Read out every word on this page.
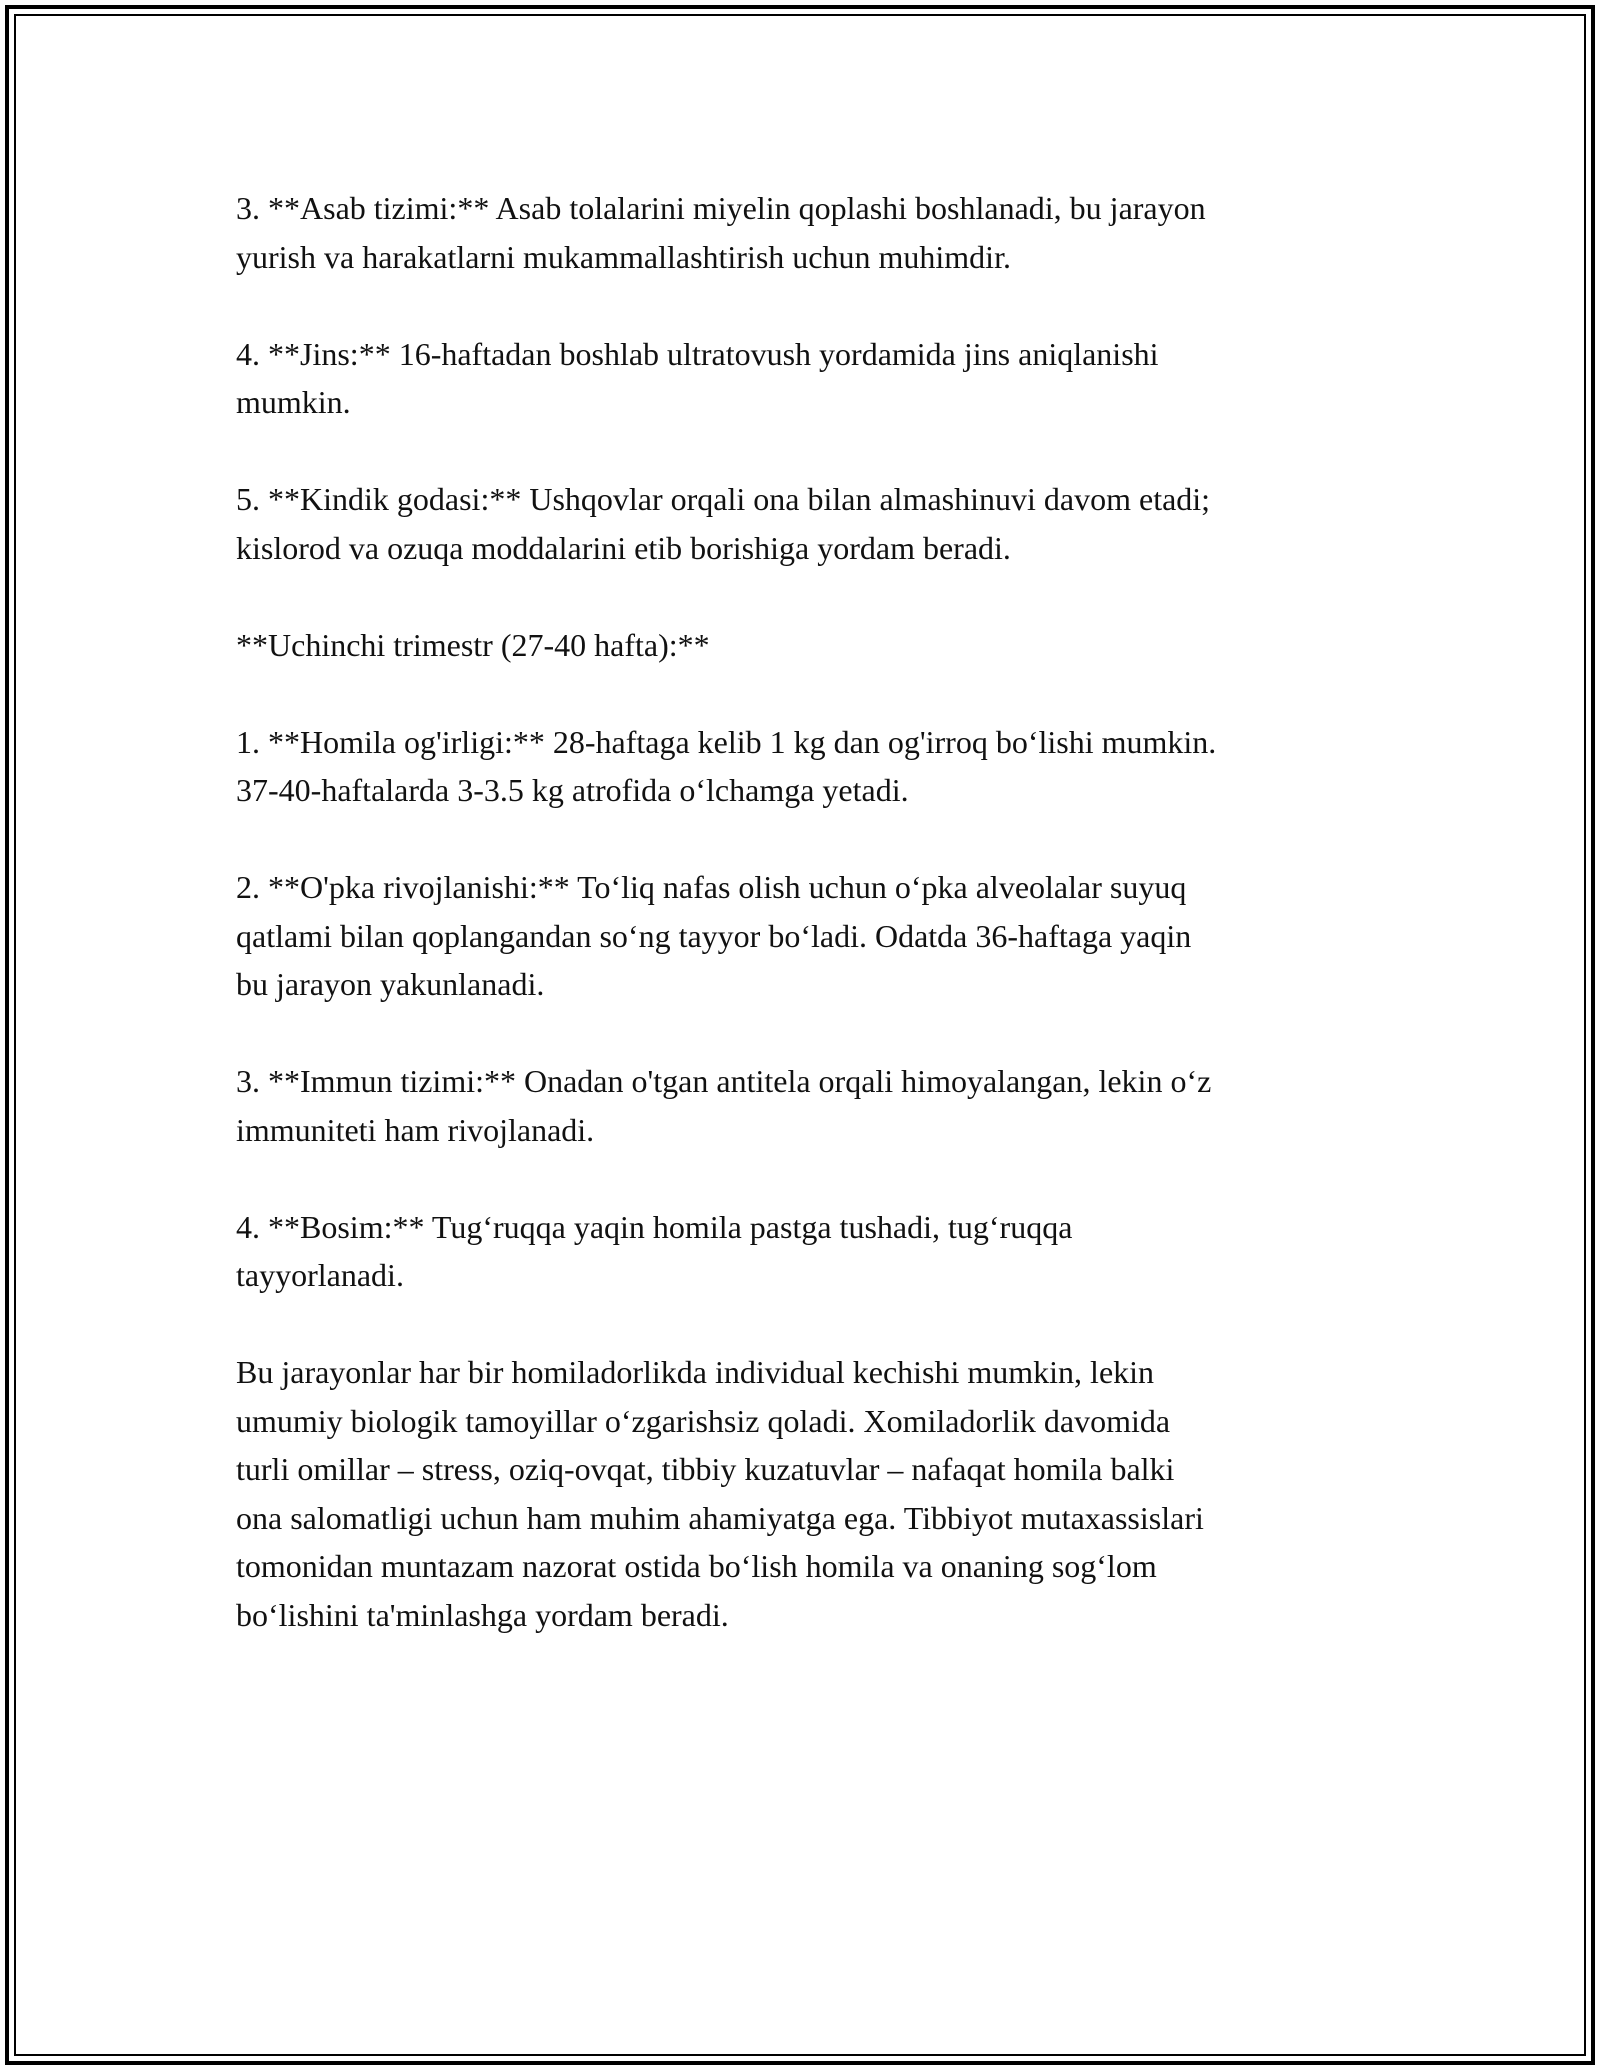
3. **Asab tizimi:** Asab tolalarini miyelin qoplashi boshlanadi, bu jarayon
yurish va harakatlarni mukammallashtirish uchun muhimdir.

4. **Jins:** 16-haftadan boshlab ultratovush yordamida jins aniqlanishi
mumkin.

5. **Kindik godasi:** Ushqovlar orqali ona bilan almashinuvi davom etadi;
kislorod va ozuqa moddalarini etib borishiga yordam beradi.

**Uchinchi trimestr (27-40 hafta):**

1. **Homila og'irligi:** 28-haftaga kelib 1 kg dan og'irroq bo‘lishi mumkin.
37-40-haftalarda 3-3.5 kg atrofida o‘lchamga yetadi.

2. **O'pka rivojlanishi:** To‘liq nafas olish uchun o‘pka alveolalar suyuq
qatlami bilan qoplangandan so‘ng tayyor bo‘ladi. Odatda 36-haftaga yaqin
bu jarayon yakunlanadi.

3. **Immun tizimi:** Onadan o'tgan antitela orqali himoyalangan, lekin o‘z
immuniteti ham rivojlanadi.

4. **Bosim:** Tug‘ruqqa yaqin homila pastga tushadi, tug‘ruqqa
tayyorlanadi.

Bu jarayonlar har bir homiladorlikda individual kechishi mumkin, lekin
umumiy biologik tamoyillar o‘zgarishsiz qoladi. Xomiladorlik davomida
turli omillar – stress, oziq-ovqat, tibbiy kuzatuvlar – nafaqat homila balki
ona salomatligi uchun ham muhim ahamiyatga ega. Tibbiyot mutaxassislari
tomonidan muntazam nazorat ostida bo‘lish homila va onaning sog‘lom
bo‘lishini ta'minlashga yordam beradi.
